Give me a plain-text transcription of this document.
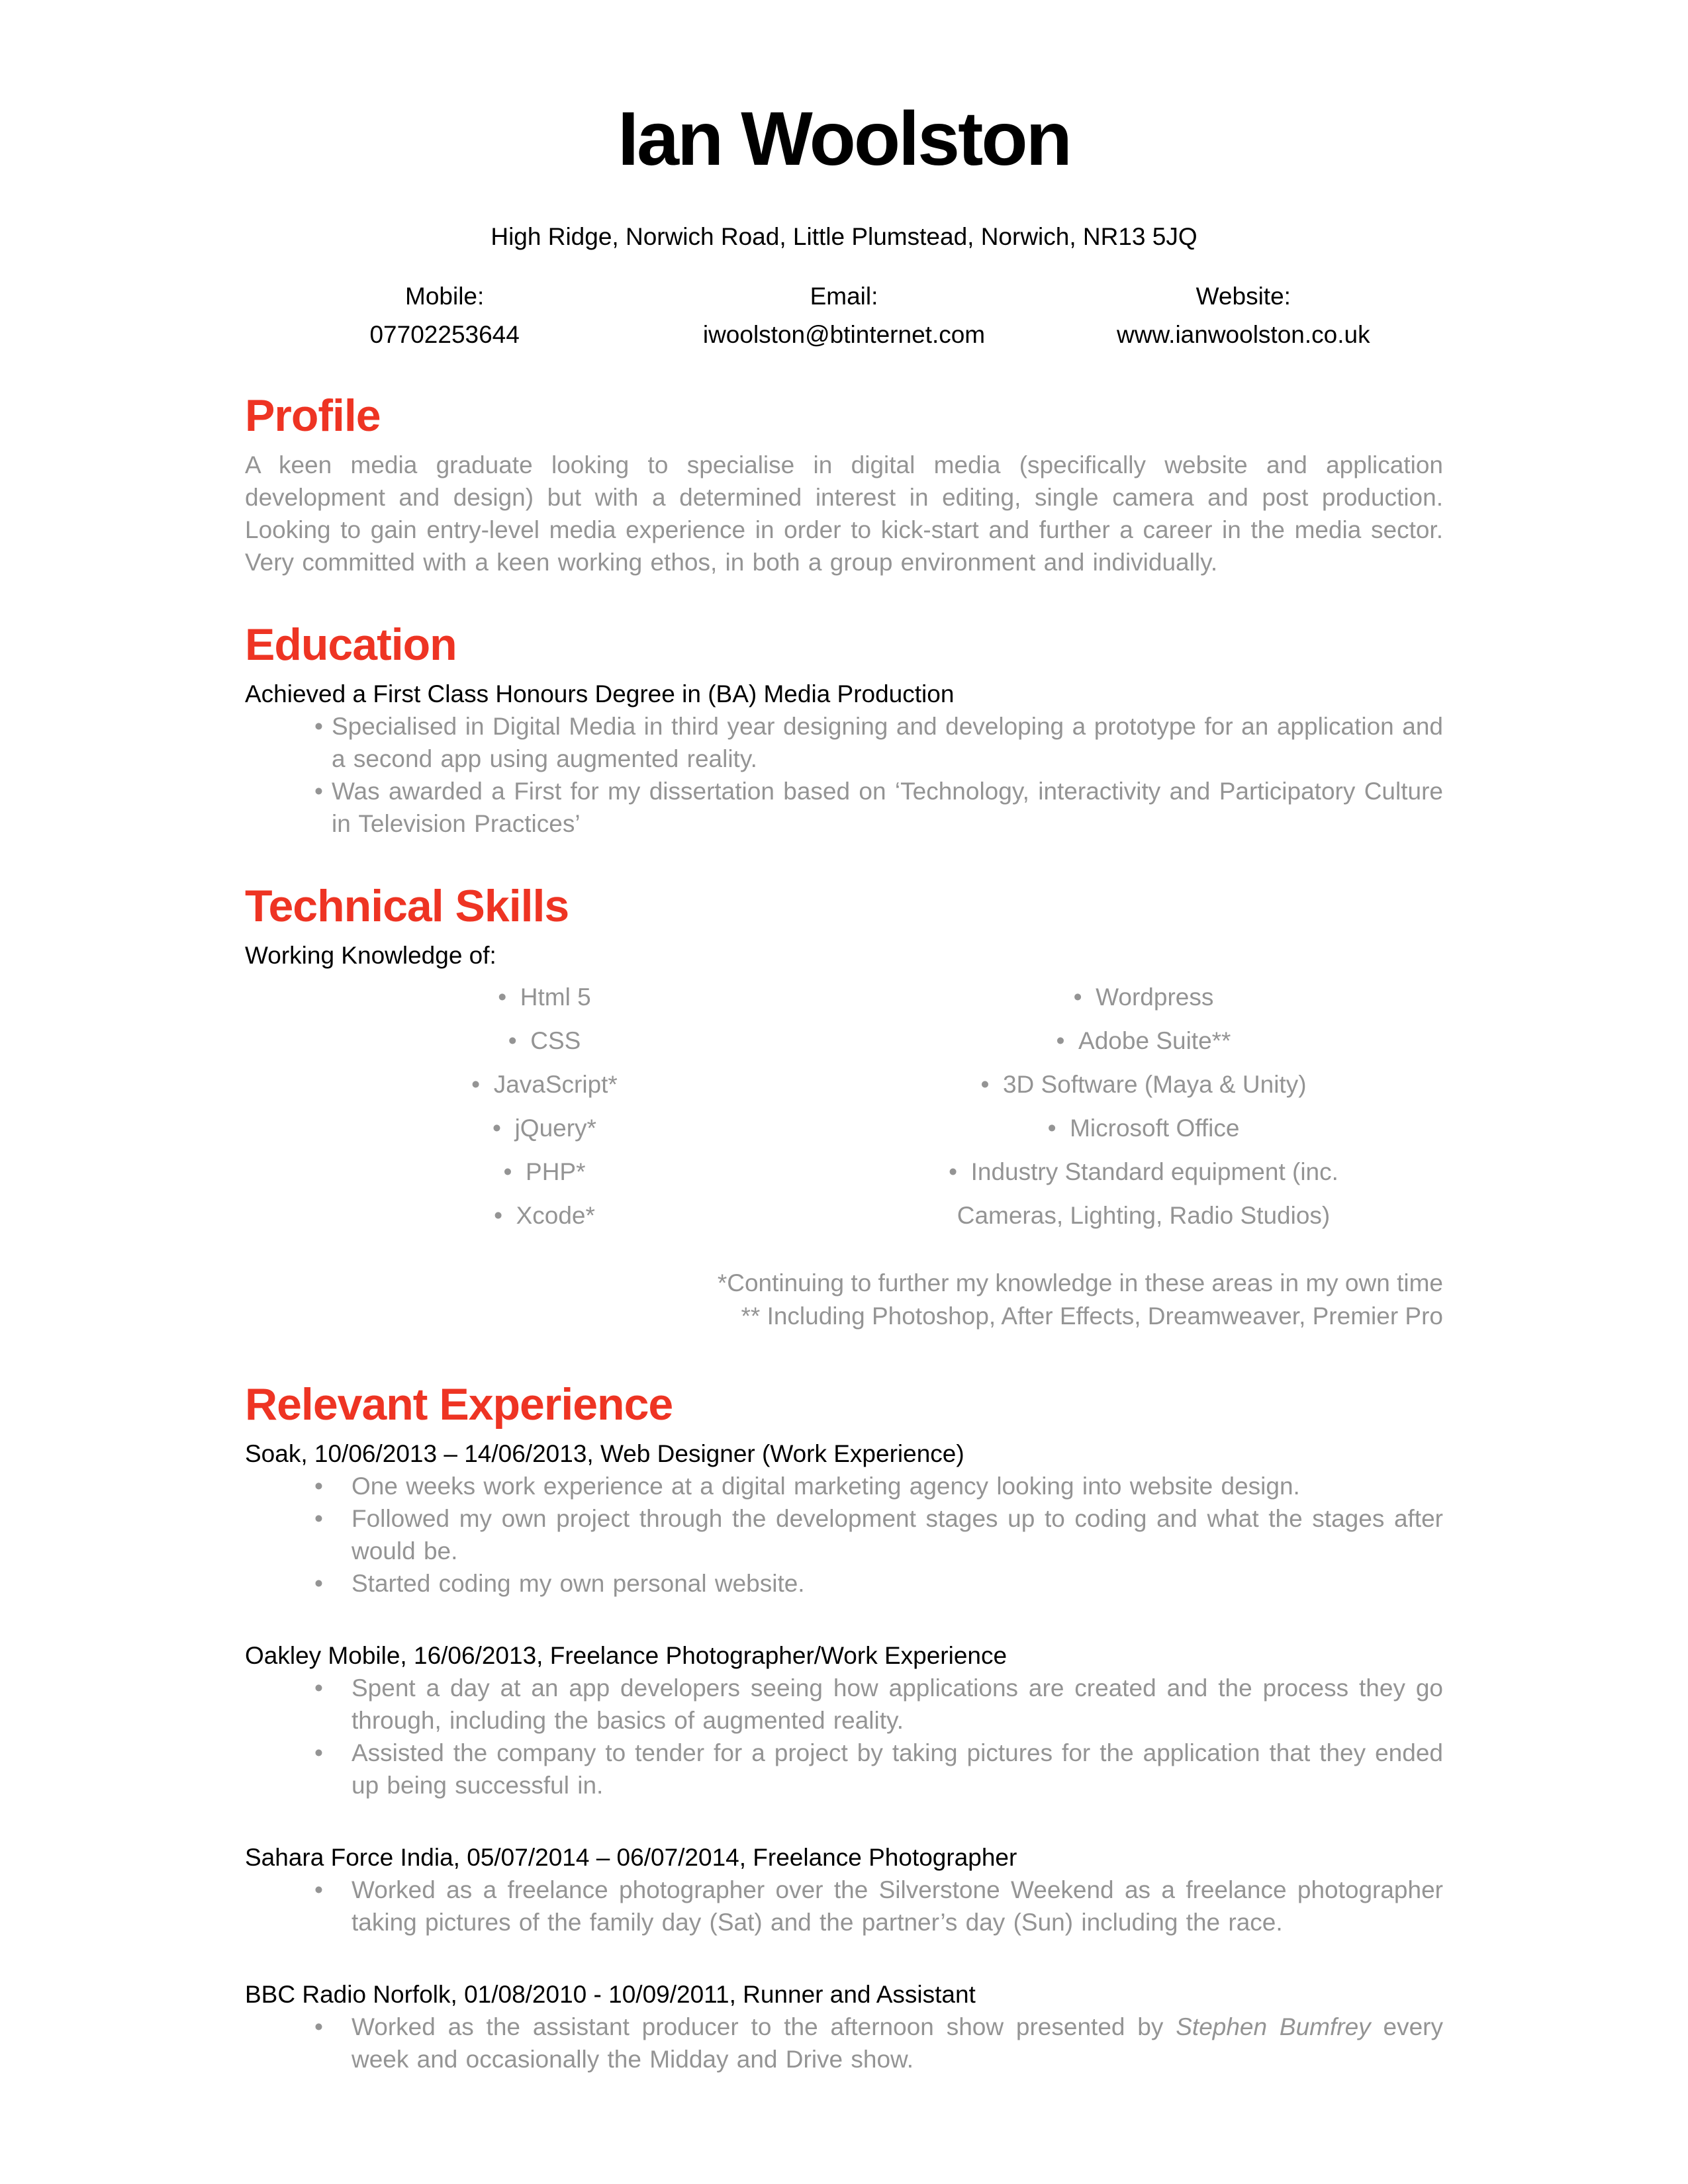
Ian Woolston
High Ridge, Norwich Road, Little Plumstead, Norwich, NR13 5JQ
Mobile:
07702253644
Email:
iwoolston@btinternet.com
Website:
www.ianwoolston.co.uk
Profile

A keen media graduate looking to specialise in digital media (specifically website and application development and design) but with a determined interest in editing, single camera and post production. Looking to gain entry-level media experience in order to kick-start and further a career in the media sector. Very committed with a keen working ethos, in both a group environment and individually.

Education
Achieved a First Class Honours Degree in (BA) Media Production
• Specialised in Digital Media in third year designing and developing a prototype for an application and a second app using augmented reality.
• Was awarded a First for my dissertation based on ‘Technology, interactivity and Participatory Culture in Television Practices’
Technical Skills
Working Knowledge of:
•  Html 5
•  CSS
•  JavaScript*
•  jQuery*
•  PHP*
•  Xcode*
•  Wordpress
•  Adobe Suite**
•  3D Software (Maya & Unity)
•  Microsoft Office
•  Industry Standard equipment (inc. Cameras, Lighting, Radio Studios)
*Continuing to further my knowledge in these areas in my own time
** Including Photoshop, After Effects, Dreamweaver, Premier Pro
Relevant Experience
Soak, 10/06/2013 – 14/06/2013, Web Designer (Work Experience)
• One weeks work experience at a digital marketing agency looking into website design.
• Followed my own project through the development stages up to coding and what the stages after would be.
• Started coding my own personal website.
Oakley Mobile, 16/06/2013, Freelance Photographer/Work Experience
• Spent a day at an app developers seeing how applications are created and the process they go through, including the basics of augmented reality.
• Assisted the company to tender for a project by taking pictures for the application that they ended up being successful in.
Sahara Force India, 05/07/2014 – 06/07/2014, Freelance Photographer
• Worked as a freelance photographer over the Silverstone Weekend as a freelance photographer taking pictures of the family day (Sat) and the partner’s day (Sun) including the race.
BBC Radio Norfolk, 01/08/2010 - 10/09/2011, Runner and Assistant
• Worked as the assistant producer to the afternoon show presented by Stephen Bumfrey every week and occasionally the Midday and Drive show.
